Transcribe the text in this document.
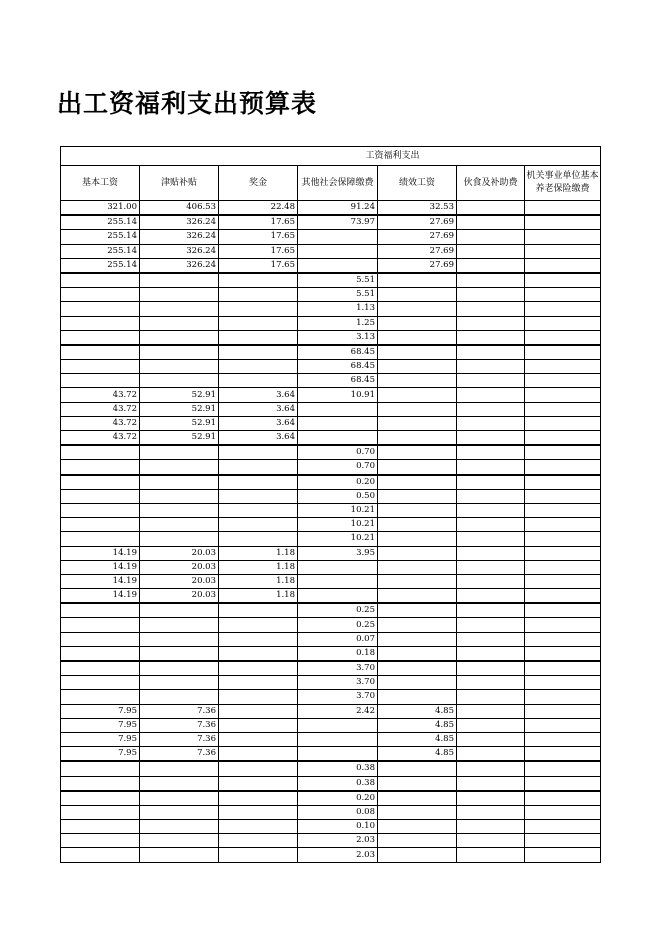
出工资福利支出预算表
				工资福利支出		
基本工资	津贴补贴	奖金	其他社会保障缴费	绩效工资	伙食及补助费	机关事业单位基本养老保险缴费
321.00	406.53	22.48	91.24	32.53		
255.14	326.24	17.65	73.97	27.69		
255.14	326.24	17.65		27.69		
255.14	326.24	17.65		27.69		
255.14	326.24	17.65		27.69		
			5.51			
			5.51			
			1.13			
			1.25			
			3.13			
			68.45			
			68.45			
			68.45			
43.72	52.91	3.64	10.91			
43.72	52.91	3.64				
43.72	52.91	3.64				
43.72	52.91	3.64				
			0.70			
			0.70			
			0.20			
			0.50			
			10.21			
			10.21			
			10.21			
14.19	20.03	1.18	3.95			
14.19	20.03	1.18				
14.19	20.03	1.18				
14.19	20.03	1.18				
			0.25			
			0.25			
			0.07			
			0.18			
			3.70			
			3.70			
			3.70			
7.95	7.36		2.42	4.85		
7.95	7.36			4.85		
7.95	7.36			4.85		
7.95	7.36			4.85		
			0.38			
			0.38			
			0.20			
			0.08			
			0.10			
			2.03			
			2.03			
